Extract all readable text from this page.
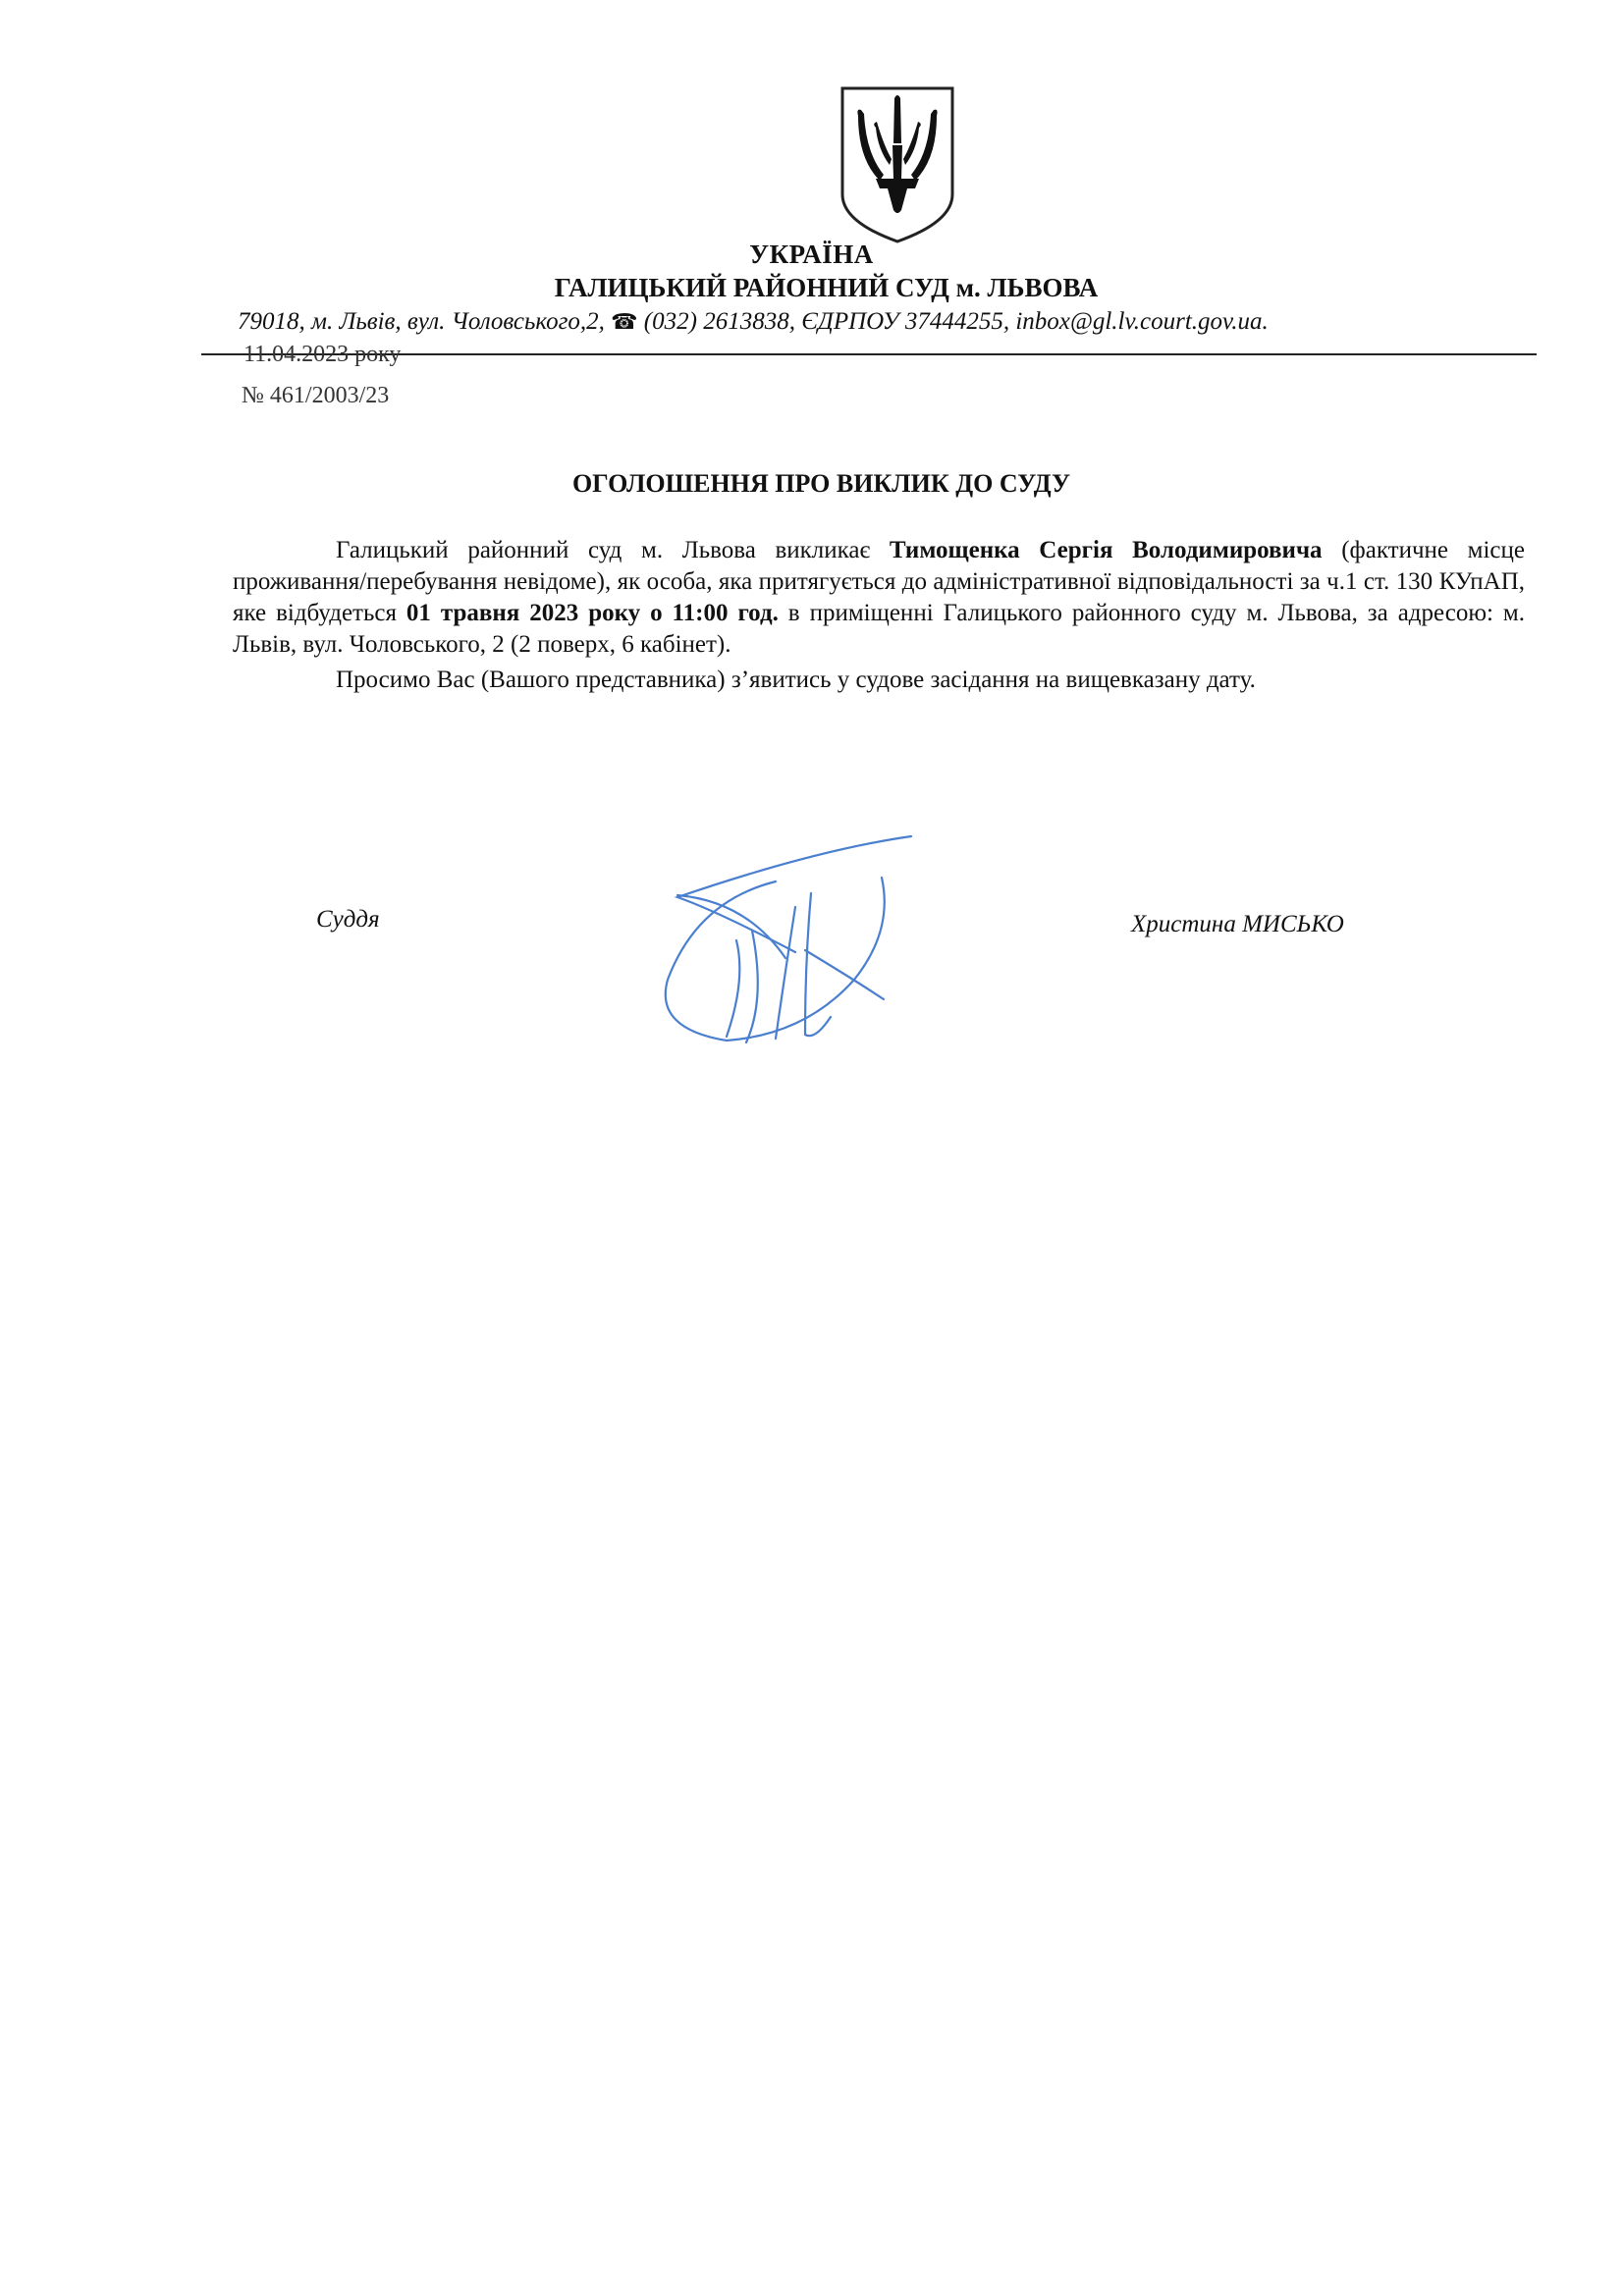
УКРАЇНА
ГАЛИЦЬКИЙ РАЙОННИЙ СУД м. ЛЬВОВА
79018, м. Львів, вул. Чоловського,2, ☎ (032) 2613838, ЄДРПОУ 37444255, inbox@gl.lv.court.gov.ua.
11.04.2023 року
№ 461/2003/23
ОГОЛОШЕННЯ ПРО ВИКЛИК ДО СУДУ

Галицький районний суд м. Львова викликає Тимощенка Сергія Володимировича (фактичне місце проживання/перебування невідоме), як особа, яка притягується до адміністративної відповідальності за ч.1 ст. 130 КУпАП, яке відбудеться 01 травня 2023 року о 11:00 год. в приміщенні Галицького районного суду м. Львова, за адресою: м. Львів, вул. Чоловського, 2 (2 поверх, 6 кабінет).

Просимо Вас (Вашого представника) з’явитись у судове засідання на вищевказану дату.

Суддя	Христина МИСЬКО
